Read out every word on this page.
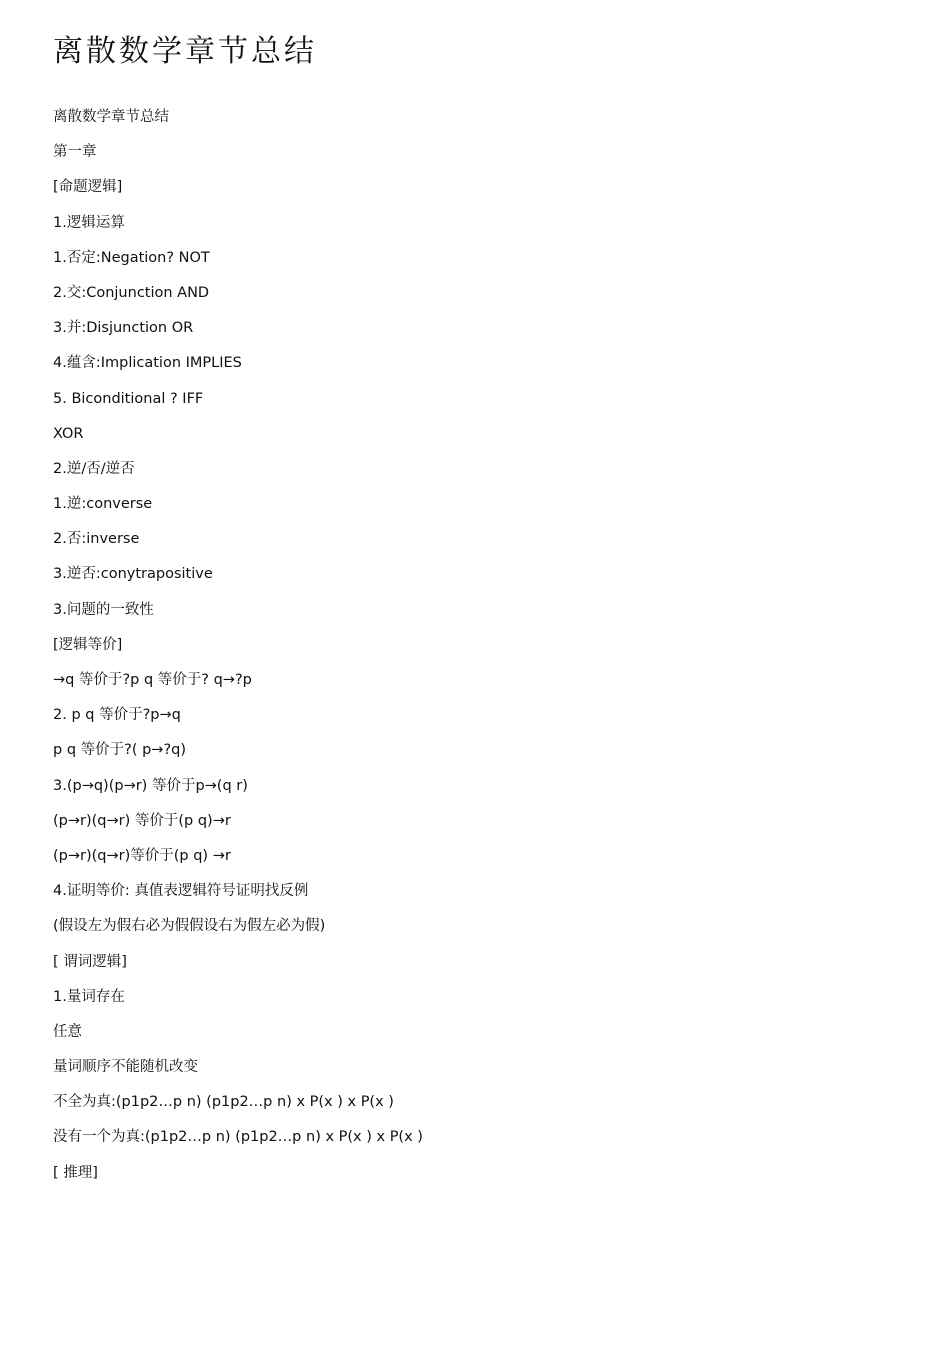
离散数学章节总结
离散数学章节总结
第一章
[命题逻辑]
1.逻辑运算
1.否定:Negation? NOT
2.交:Conjunction AND
3.并:Disjunction OR
4.蕴含:Implication IMPLIES
5. Biconditional ? IFF
XOR
2.逆/否/逆否
1.逆:converse
2.否:inverse
3.逆否:conytrapositive
3.问题的一致性
[逻辑等价]
→q 等价于?p q 等价于? q→?p
2. p q 等价于?p→q
p q 等价于?( p→?q)
3.(p→q)(p→r) 等价于p→(q r)
(p→r)(q→r) 等价于(p q)→r
(p→r)(q→r)等价于(p q) →r
4.证明等价: 真值表逻辑符号证明找反例
(假设左为假右必为假假设右为假左必为假)
[ 谓词逻辑]
1.量词存在
任意
量词顺序不能随机改变
不全为真:(p1p2…p n) (p1p2…p n) x P(x ) x P(x )
没有一个为真:(p1p2…p n) (p1p2…p n) x P(x ) x P(x )
[ 推理]
